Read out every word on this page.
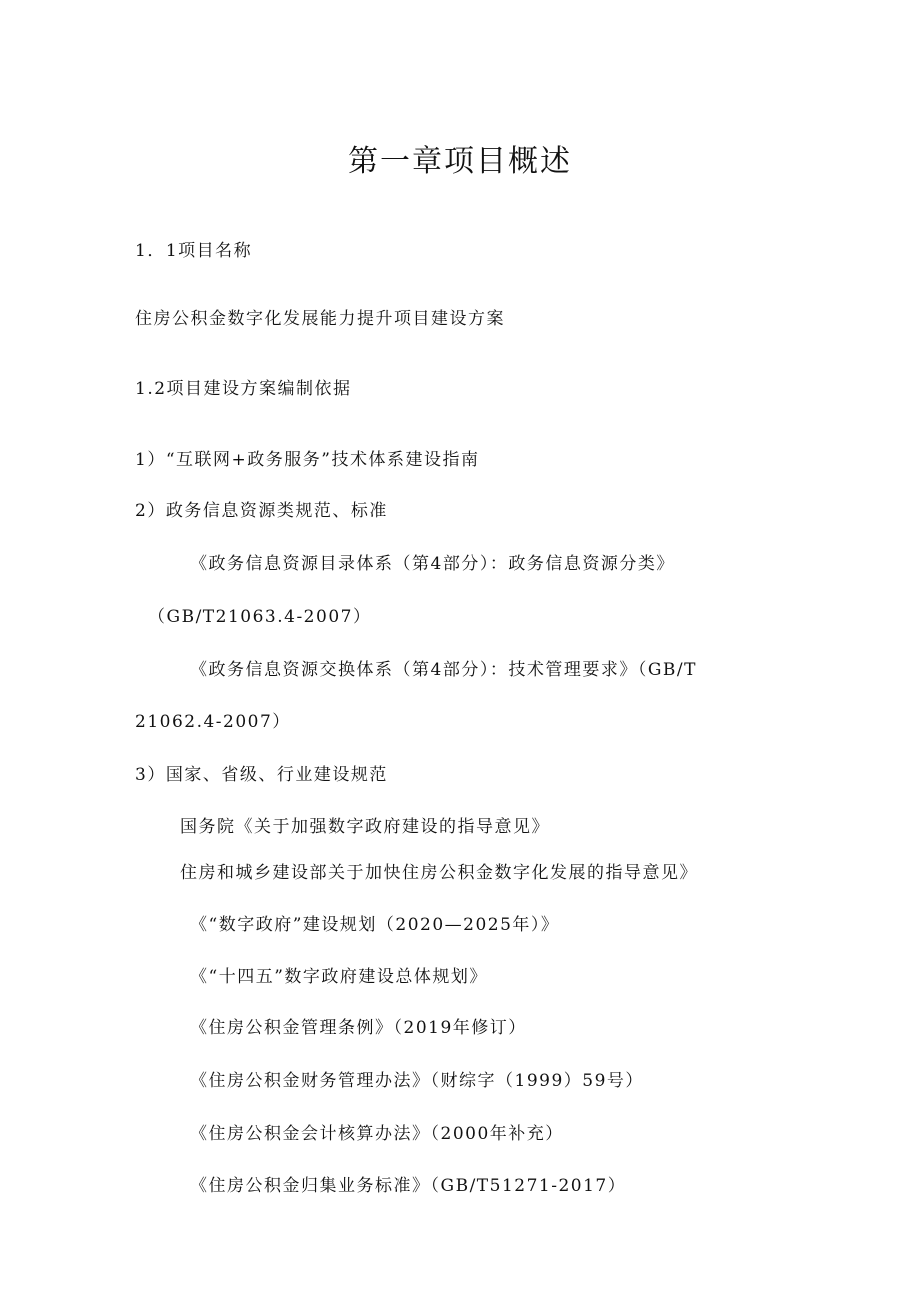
第一章项目概述
1．1项目名称
住房公积金数字化发展能力提升项目建设方案
1.2项目建设方案编制依据
1）“互联网+政务服务”技术体系建设指南
2）政务信息资源类规范、标准
《政务信息资源目录体系（第4部分）：政务信息资源分类》
（GB/T21063.4-2007）
《政务信息资源交换体系（第4部分）：技术管理要求》（GB/T
21062.4-2007）
3）国家、省级、行业建设规范
国务院《关于加强数字政府建设的指导意见》
住房和城乡建设部关于加快住房公积金数字化发展的指导意见》
《“数字政府”建设规划（2020—2025年）》
《“十四五”数字政府建设总体规划》
《住房公积金管理条例》（2019年修订）
《住房公积金财务管理办法》（财综字（1999）59号）
《住房公积金会计核算办法》（2000年补充）
《住房公积金归集业务标准》（GB/T51271-2017）
